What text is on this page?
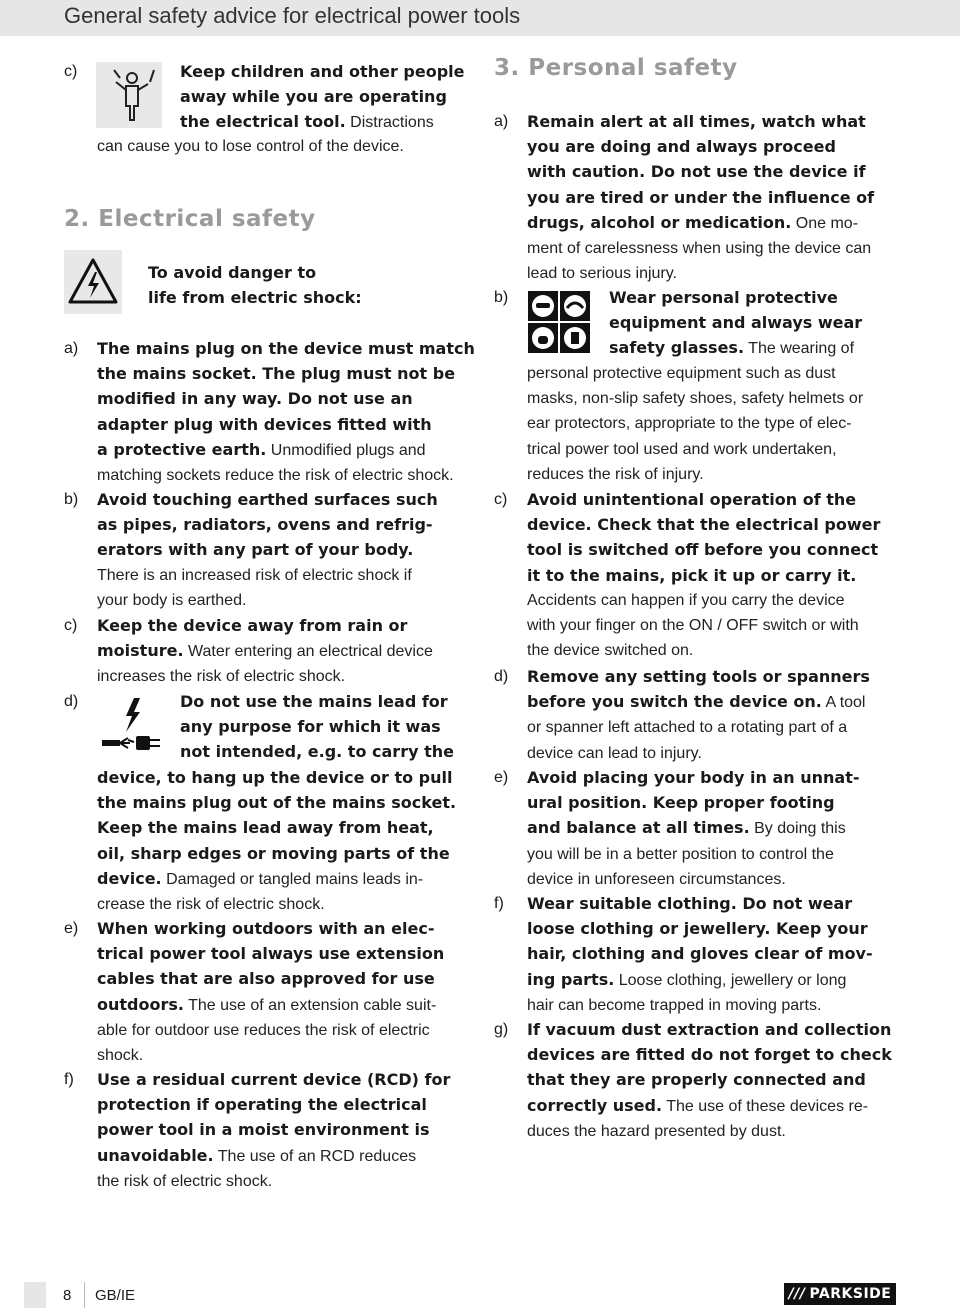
General safety advice for electrical power tools
c)	Keep children and other people
away while you are operating
the electrical tool. Distractions
can cause you to lose control of the device.
2. Electrical safety
To avoid danger to
life from electric shock:
a) The mains plug on the device must match
the mains socket. The plug must not be
modified in any way. Do not use an
adapter plug with devices fitted with
a protective earth. Unmodified plugs and
matching sockets reduce the risk of electric shock.
b) Avoid touching earthed surfaces such
as pipes, radiators, ovens and refrig-
erators with any part of your body.
There is an increased risk of electric shock if
your body is earthed.
c) Keep the device away from rain or
moisture. Water entering an electrical device
increases the risk of electric shock.
d)	Do not use the mains lead for
any purpose for which it was
not intended, e.g. to carry the
device, to hang up the device or to pull
the mains plug out of the mains socket.
Keep the mains lead away from heat,
oil, sharp edges or moving parts of the
device. Damaged or tangled mains leads in-
crease the risk of electric shock.
e) When working outdoors with an elec-
trical power tool always use extension
cables that are also approved for use
outdoors. The use of an extension cable suit-
able for outdoor use reduces the risk of electric
shock.
f) Use a residual current device (RCD) for
protection if operating the electrical
power tool in a moist environment is
unavoidable. The use of an RCD reduces
the risk of electric shock.
3. Personal safety
a) Remain alert at all times, watch what
you are doing and always proceed
with caution. Do not use the device if
you are tired or under the influence of
drugs, alcohol or medication. One mo-
ment of carelessness when using the device can
lead to serious injury.
b)	Wear personal protective
equipment and always wear
safety glasses. The wearing of
personal protective equipment such as dust
masks, non-slip safety shoes, safety helmets or
ear protectors, appropriate to the type of elec-
trical power tool used and work undertaken,
reduces the risk of injury.
c) Avoid unintentional operation of the
device. Check that the electrical power
tool is switched off before you connect
it to the mains, pick it up or carry it.
Accidents can happen if you carry the device
with your finger on the ON / OFF switch or with
the device switched on.
d) Remove any setting tools or spanners
before you switch the device on. A tool
or spanner left attached to a rotating part of a
device can lead to injury.
e) Avoid placing your body in an unnat-
ural position. Keep proper footing
and balance at all times. By doing this
you will be in a better position to control the
device in unforeseen circumstances.
f) Wear suitable clothing. Do not wear
loose clothing or jewellery. Keep your
hair, clothing and gloves clear of mov-
ing parts. Loose clothing, jewellery or long
hair can become trapped in moving parts.
g) If vacuum dust extraction and collection
devices are fitted do not forget to check
that they are properly connected and
correctly used. The use of these devices re-
duces the hazard presented by dust.
8 GB/IE	/// PARKSIDE
